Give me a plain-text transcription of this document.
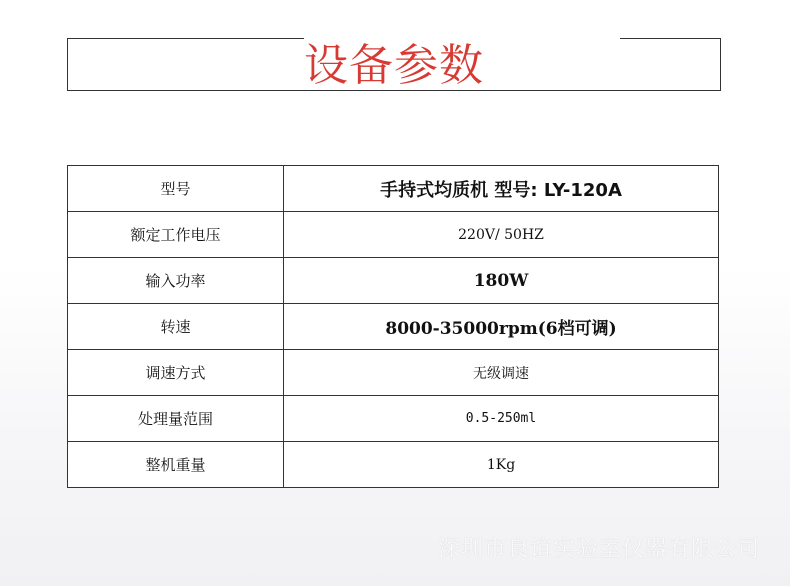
设备参数
型号	手持式均质机 型号: LY-120A
额定工作电压	220V/ 50HZ
输入功率	180W
转速	8000-35000rpm(6档可调)
调速方式	无级调速
处理量范围	0.5-250ml
整机重量	1Kg
深圳市良谊实验室仪器有限公司
